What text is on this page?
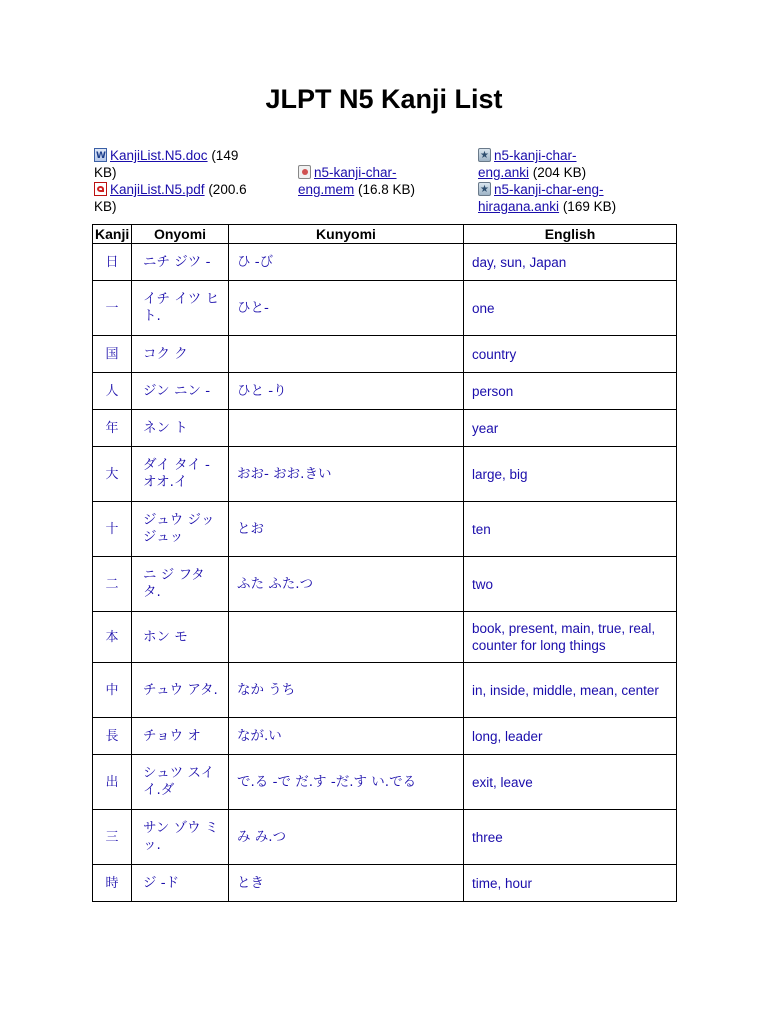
JLPT N5 Kanji List
WKanjiList.N5.doc (149
KB)
KanjiList.N5.pdf (200.6
KB)
n5-kanji-char-
eng.mem (16.8 KB)
★n5-kanji-char-
eng.anki (204 KB)
★n5-kanji-char-eng-
hiragana.anki (169 KB)
Kanji	Onyomi	Kunyomi	English
日	ニチ ジツ -	ひ -び	day, sun, Japan
一	イチ イツ ヒト.	ひと-	one
国	コク ク		country
人	ジン ニン -	ひと -り	person
年	ネン ト		year
大	ダイ タイ - オオ.イ	おお- おお.きい	large, big
十	ジュウ ジッ ジュッ	とお	ten
二	ニ ジ フタ タ.	ふた ふた.つ	two
本	ホン モ		book, present, main, true, real, counter for long things
中	チュウ アタ.	なか うち	in, inside, middle, mean, center
長	チョウ オ	なが.い	long, leader
出	シュツ スイ イ.ダ	で.る -で だ.す -だ.す い.でる	exit, leave
三	サン ゾウ ミッ.	み み.つ	three
時	ジ -ド	とき	time, hour
